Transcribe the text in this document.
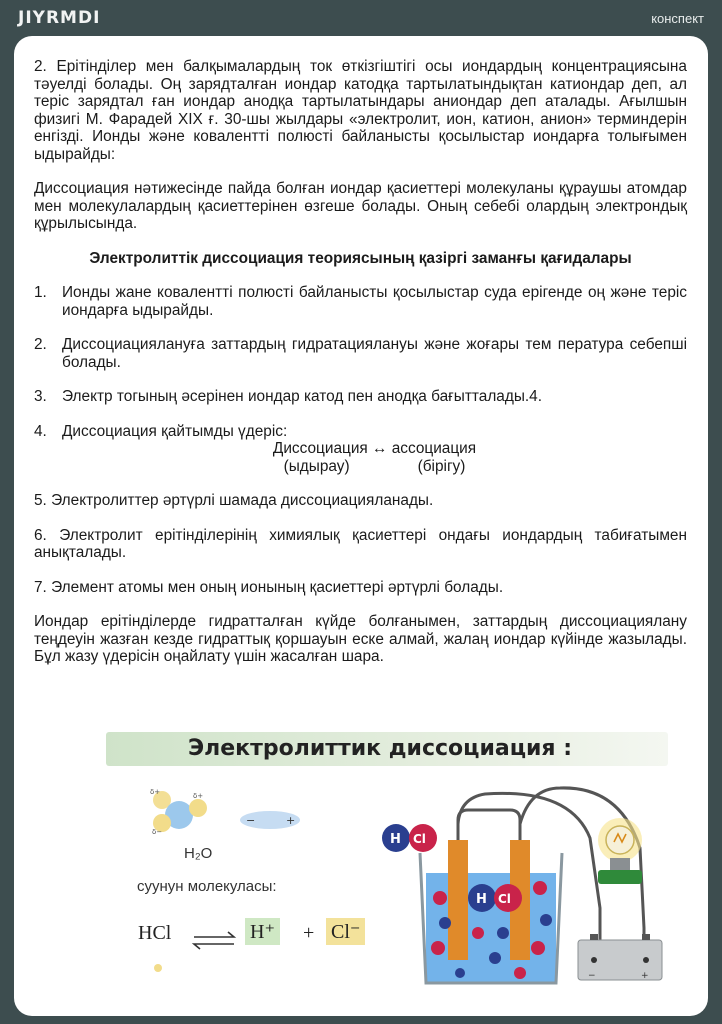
JIYRMDI	конспект

2. Ерітінділер мен балқымалардың ток өткізгіштігі осы иондардың концентрациясына тәуелді болады. Оң зарядталған иондар катодқа тартылатындықтан катиондар деп, ал теріс зарядтал ған иондар анодқа тартылатындары аниондар деп аталады. Ағылшын физигі М. Фарадей XIX ғ. 30-шы жылдары «электролит, ион, катион, анион» терминдерін енгізді. Ионды және ковалентті полюсті байланысты қосылыстар иондарға толығымен ыдырайды:

Диссоциация нәтижесінде пайда болған иондар қасиеттері молекуланы құраушы атомдар мен молекулалардың қасиеттерінен өзгеше болады. Оның себебі олардың электрондық құрылысында.

Электролиттік диссоциация теориясының қазіргі заманғы қағидалары

1. Ионды жане ковалентті полюсті байланысты қосылыстар суда ерігенде оң және теріс иондарға ыдырайды.
2. Диссоциациялануға заттардың гидратациялануы және жоғары тем пература себепші болады.
3. Электр тогының әсерінен иондар катод пен анодқа бағытталады.4.
4. Диссоциация қайтымды үдеріс:
Диссоциация ↔ ассоциация
(ыдырау)	(бірігу)

5. Электролиттер әртүрлі шамада диссоциацияланады.

6. Электролит ерітінділерінің химиялық қасиеттері ондағы иондардың табиғатымен анықталады.

7. Элемент атомы мен оның ионының қасиеттері әртүрлі болады.

Иондар ерітінділерде гидратталған күйде болғанымен, заттардың диссоциациялану теңдеуін жазған кезде гидраттық қоршауын еске алмай, жалаң иондар күйінде жазылады. Бұл жазу үдерісін оңайлату үшін жасалған шара.

Электролиттик диссоциация :
δ+	δ+
δ−
−	+
H Cl
H Cl
−	+
H₂O
суунун молекуласы:
HCl	H⁺ + Cl⁻
